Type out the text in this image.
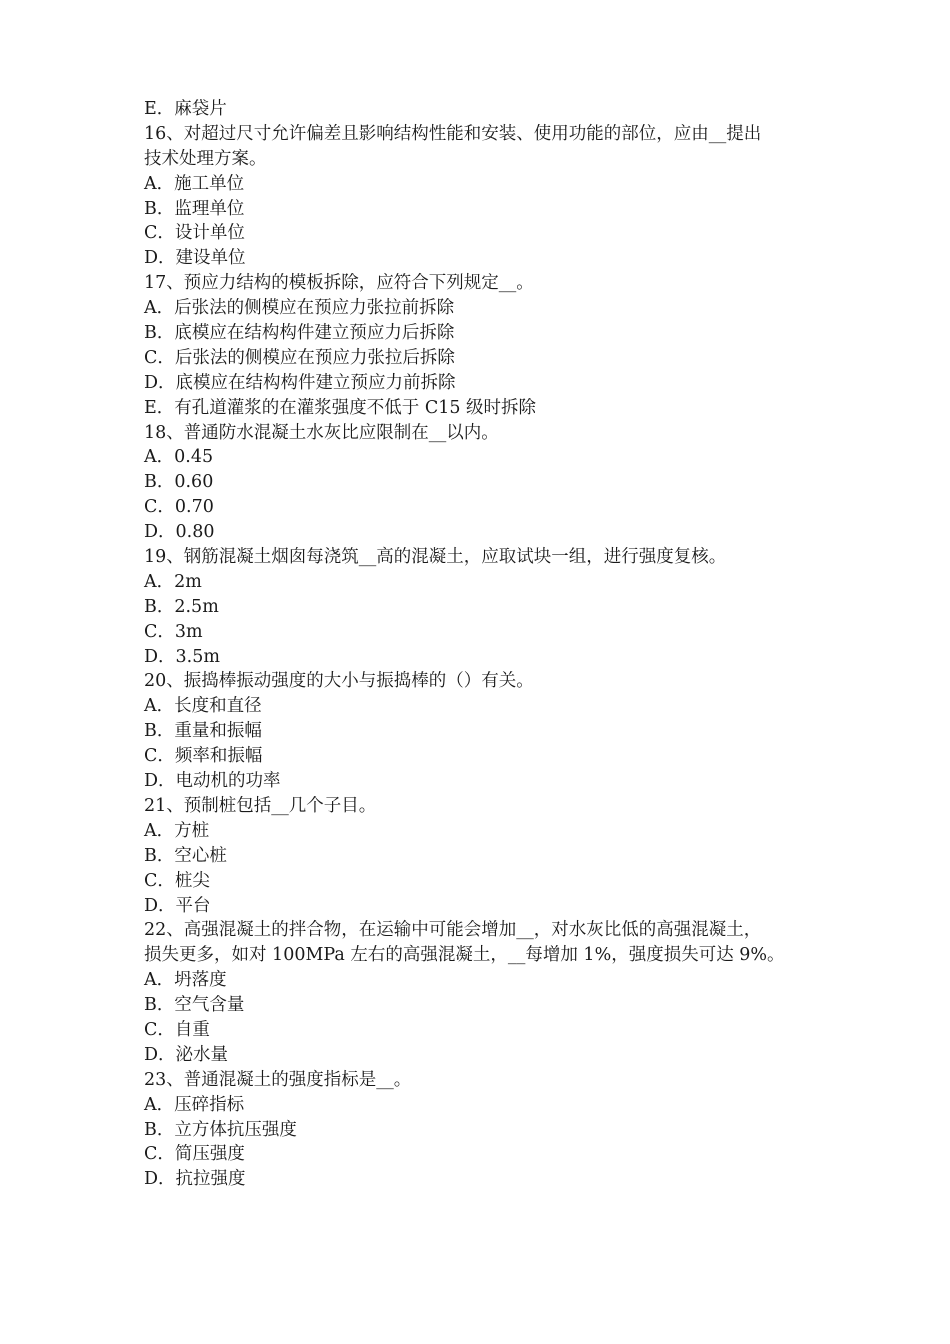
E．麻袋片
16、对超过尺寸允许偏差且影响结构性能和安装、使用功能的部位，应由__提出
技术处理方案。
A．施工单位
B．监理单位
C．设计单位
D．建设单位
17、预应力结构的模板拆除，应符合下列规定__。
A．后张法的侧模应在预应力张拉前拆除
B．底模应在结构构件建立预应力后拆除
C．后张法的侧模应在预应力张拉后拆除
D．底模应在结构构件建立预应力前拆除
E．有孔道灌浆的在灌浆强度不低于 C15 级时拆除
18、普通防水混凝土水灰比应限制在__以内。
A．0.45
B．0.60
C．0.70
D．0.80
19、钢筋混凝土烟囱每浇筑__高的混凝土，应取试块一组，进行强度复核。
A．2m
B．2.5m
C．3m
D．3.5m
20、振捣棒振动强度的大小与振捣棒的（）有关。
A．长度和直径
B．重量和振幅
C．频率和振幅
D．电动机的功率
21、预制桩包括__几个子目。
A．方桩
B．空心桩
C．桩尖
D．平台
22、高强混凝土的拌合物，在运输中可能会增加__，对水灰比低的高强混凝土，
损失更多，如对 100MPa 左右的高强混凝土，__每增加 1%，强度损失可达 9%。
A．坍落度
B．空气含量
C．自重
D．泌水量
23、普通混凝土的强度指标是__。
A．压碎指标
B．立方体抗压强度
C．简压强度
D．抗拉强度
